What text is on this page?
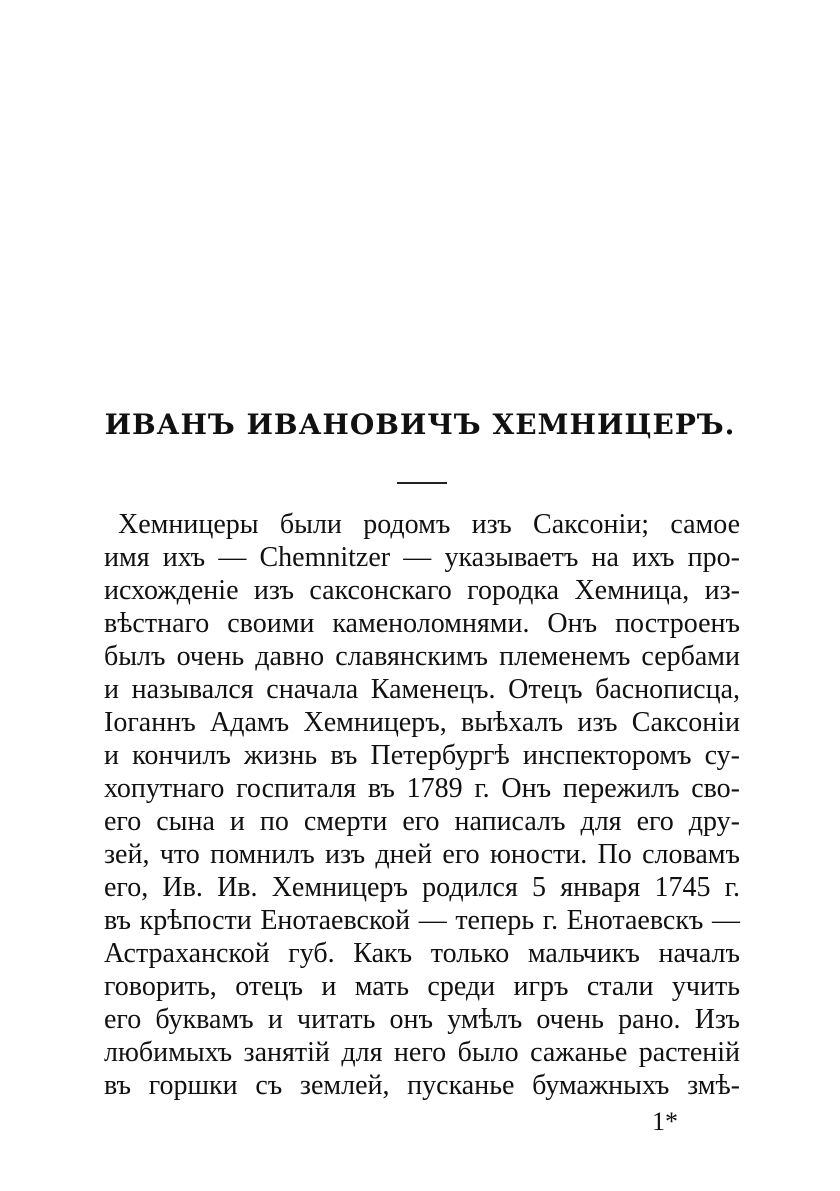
ИВАНЪ ИВАНОВИЧЪ ХЕМНИЦЕРЪ.
Хемницеры были родомъ изъ Саксоніи; самое
имя ихъ — Chemnitzer — указываетъ на ихъ про-
исхожденіе изъ саксонскаго городка Хемница, из-
вѣстнаго своими каменоломнями. Онъ построенъ
былъ очень давно славянскимъ племенемъ сербами
и назывался сначала Каменецъ. Отецъ баснописца,
Іоганнъ Адамъ Хемницеръ, выѣхалъ изъ Саксоніи
и кончилъ жизнь въ Петербургѣ инспекторомъ су-
хопутнаго госпиталя въ 1789 г. Онъ пережилъ сво-
его сына и по смерти его написалъ для его дру-
зей, что помнилъ изъ дней его юности. По словамъ
его, Ив. Ив. Хемницеръ родился 5 января 1745 г.
въ крѣпости Енотаевской — теперь г. Енотаевскъ —
Астраханской губ. Какъ только мальчикъ началъ
говорить, отецъ и мать среди игръ стали учить
его буквамъ и читать онъ умѣлъ очень рано. Изъ
любимыхъ занятій для него было сажанье растеній
въ горшки съ землей, пусканье бумажныхъ змѣ-
1*
